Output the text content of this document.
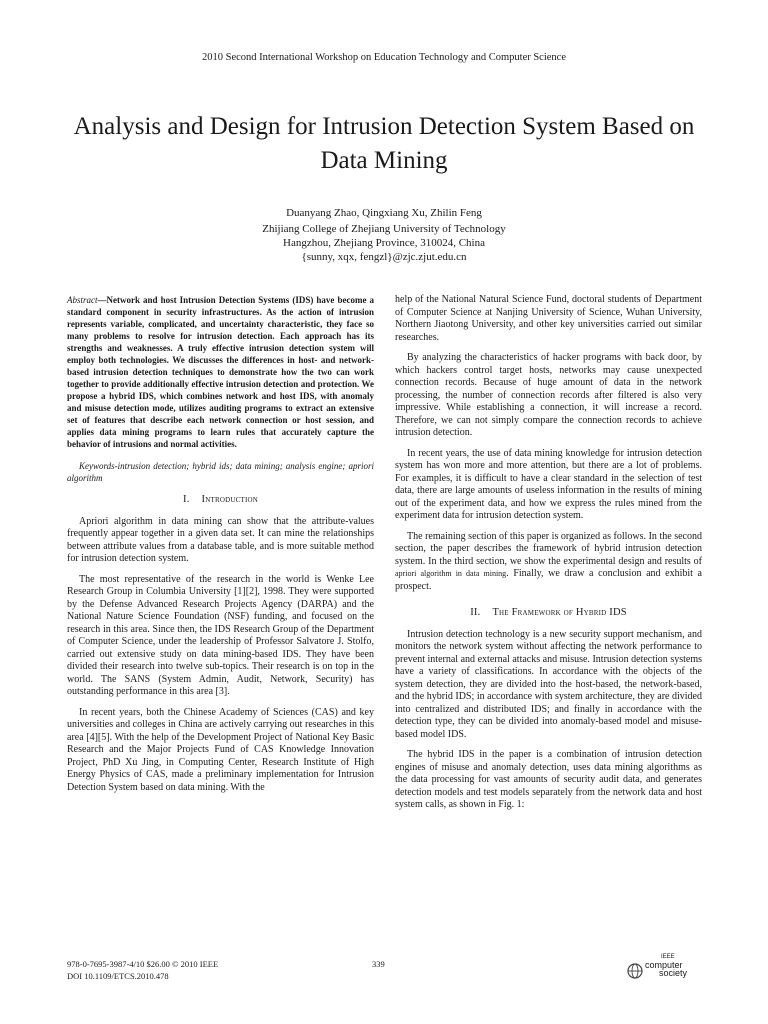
2010 Second International Workshop on Education Technology and Computer Science
Analysis and Design for Intrusion Detection System Based on Data Mining
Duanyang Zhao, Qingxiang Xu, Zhilin Feng
Zhijiang College of Zhejiang University of Technology
Hangzhou, Zhejiang Province, 310024, China
{sunny, xqx, fengzl}@zjc.zjut.edu.cn

Abstract—Network and host Intrusion Detection Systems (IDS) have become a standard component in security infrastructures. As the action of intrusion represents variable, complicated, and uncertainty characteristic, they face so many problems to resolve for intrusion detection. Each approach has its strengths and weaknesses. A truly effective intrusion detection system will employ both technologies. We discusses the differences in host- and network-based intrusion detection techniques to demonstrate how the two can work together to provide additionally effective intrusion detection and protection. We propose a hybrid IDS, which combines network and host IDS, with anomaly and misuse detection mode, utilizes auditing programs to extract an extensive set of features that describe each network connection or host session, and applies data mining programs to learn rules that accurately capture the behavior of intrusions and normal activities.

Keywords-intrusion detection; hybrid ids; data mining; analysis engine; apriori algorithm

I. Introduction

Apriori algorithm in data mining can show that the attribute-values frequently appear together in a given data set. It can mine the relationships between attribute values from a database table, and is more suitable method for intrusion detection system.

The most representative of the research in the world is Wenke Lee Research Group in Columbia University [1][2], 1998. They were supported by the Defense Advanced Research Projects Agency (DARPA) and the National Nature Science Foundation (NSF) funding, and focused on the research in this area. Since then, the IDS Research Group of the Department of Computer Science, under the leadership of Professor Salvatore J. Stolfo, carried out extensive study on data mining-based IDS. They have been divided their research into twelve sub-topics. Their research is on top in the world. The SANS (System Admin, Audit, Network, Security) has outstanding performance in this area [3].

In recent years, both the Chinese Academy of Sciences (CAS) and key universities and colleges in China are actively carrying out researches in this area [4][5]. With the help of the Development Project of National Key Basic Research and the Major Projects Fund of CAS Knowledge Innovation Project, PhD Xu Jing, in Computing Center, Research Institute of High Energy Physics of CAS, made a preliminary implementation for Intrusion Detection System based on data mining. With the

help of the National Natural Science Fund, doctoral students of Department of Computer Science at Nanjing University of Science, Wuhan University, Northern Jiaotong University, and other key universities carried out similar researches.

By analyzing the characteristics of hacker programs with back door, by which hackers control target hosts, networks may cause unexpected connection records. Because of huge amount of data in the network processing, the number of connection records after filtered is also very impressive. While establishing a connection, it will increase a record. Therefore, we can not simply compare the connection records to achieve intrusion detection.

In recent years, the use of data mining knowledge for intrusion detection system has won more and more attention, but there are a lot of problems. For examples, it is difficult to have a clear standard in the selection of test data, there are large amounts of useless information in the results of mining out of the experiment data, and how we express the rules mined from the experiment data for intrusion detection system.

The remaining section of this paper is organized as follows. In the second section, the paper describes the framework of hybrid intrusion detection system. In the third section, we show the experimental design and results of apriori algorithm in data mining. Finally, we draw a conclusion and exhibit a prospect.

II. The Framework of Hybrid IDS

Intrusion detection technology is a new security support mechanism, and monitors the network system without affecting the network performance to prevent internal and external attacks and misuse. Intrusion detection systems have a variety of classifications. In accordance with the objects of the system detection, they are divided into the host-based, the network-based, and the hybrid IDS; in accordance with system architecture, they are divided into centralized and distributed IDS; and finally in accordance with the detection type, they can be divided into anomaly-based model and misuse-based model IDS.

The hybrid IDS in the paper is a combination of intrusion detection engines of misuse and anomaly detection, uses data mining algorithms as the data processing for vast amounts of security audit data, and generates detection models and test models separately from the network data and host system calls, as shown in Fig. 1:

978-0-7695-3987-4/10 $26.00 © 2010 IEEE
DOI 10.1109/ETCS.2010.478
339
IEEE
computer
society
